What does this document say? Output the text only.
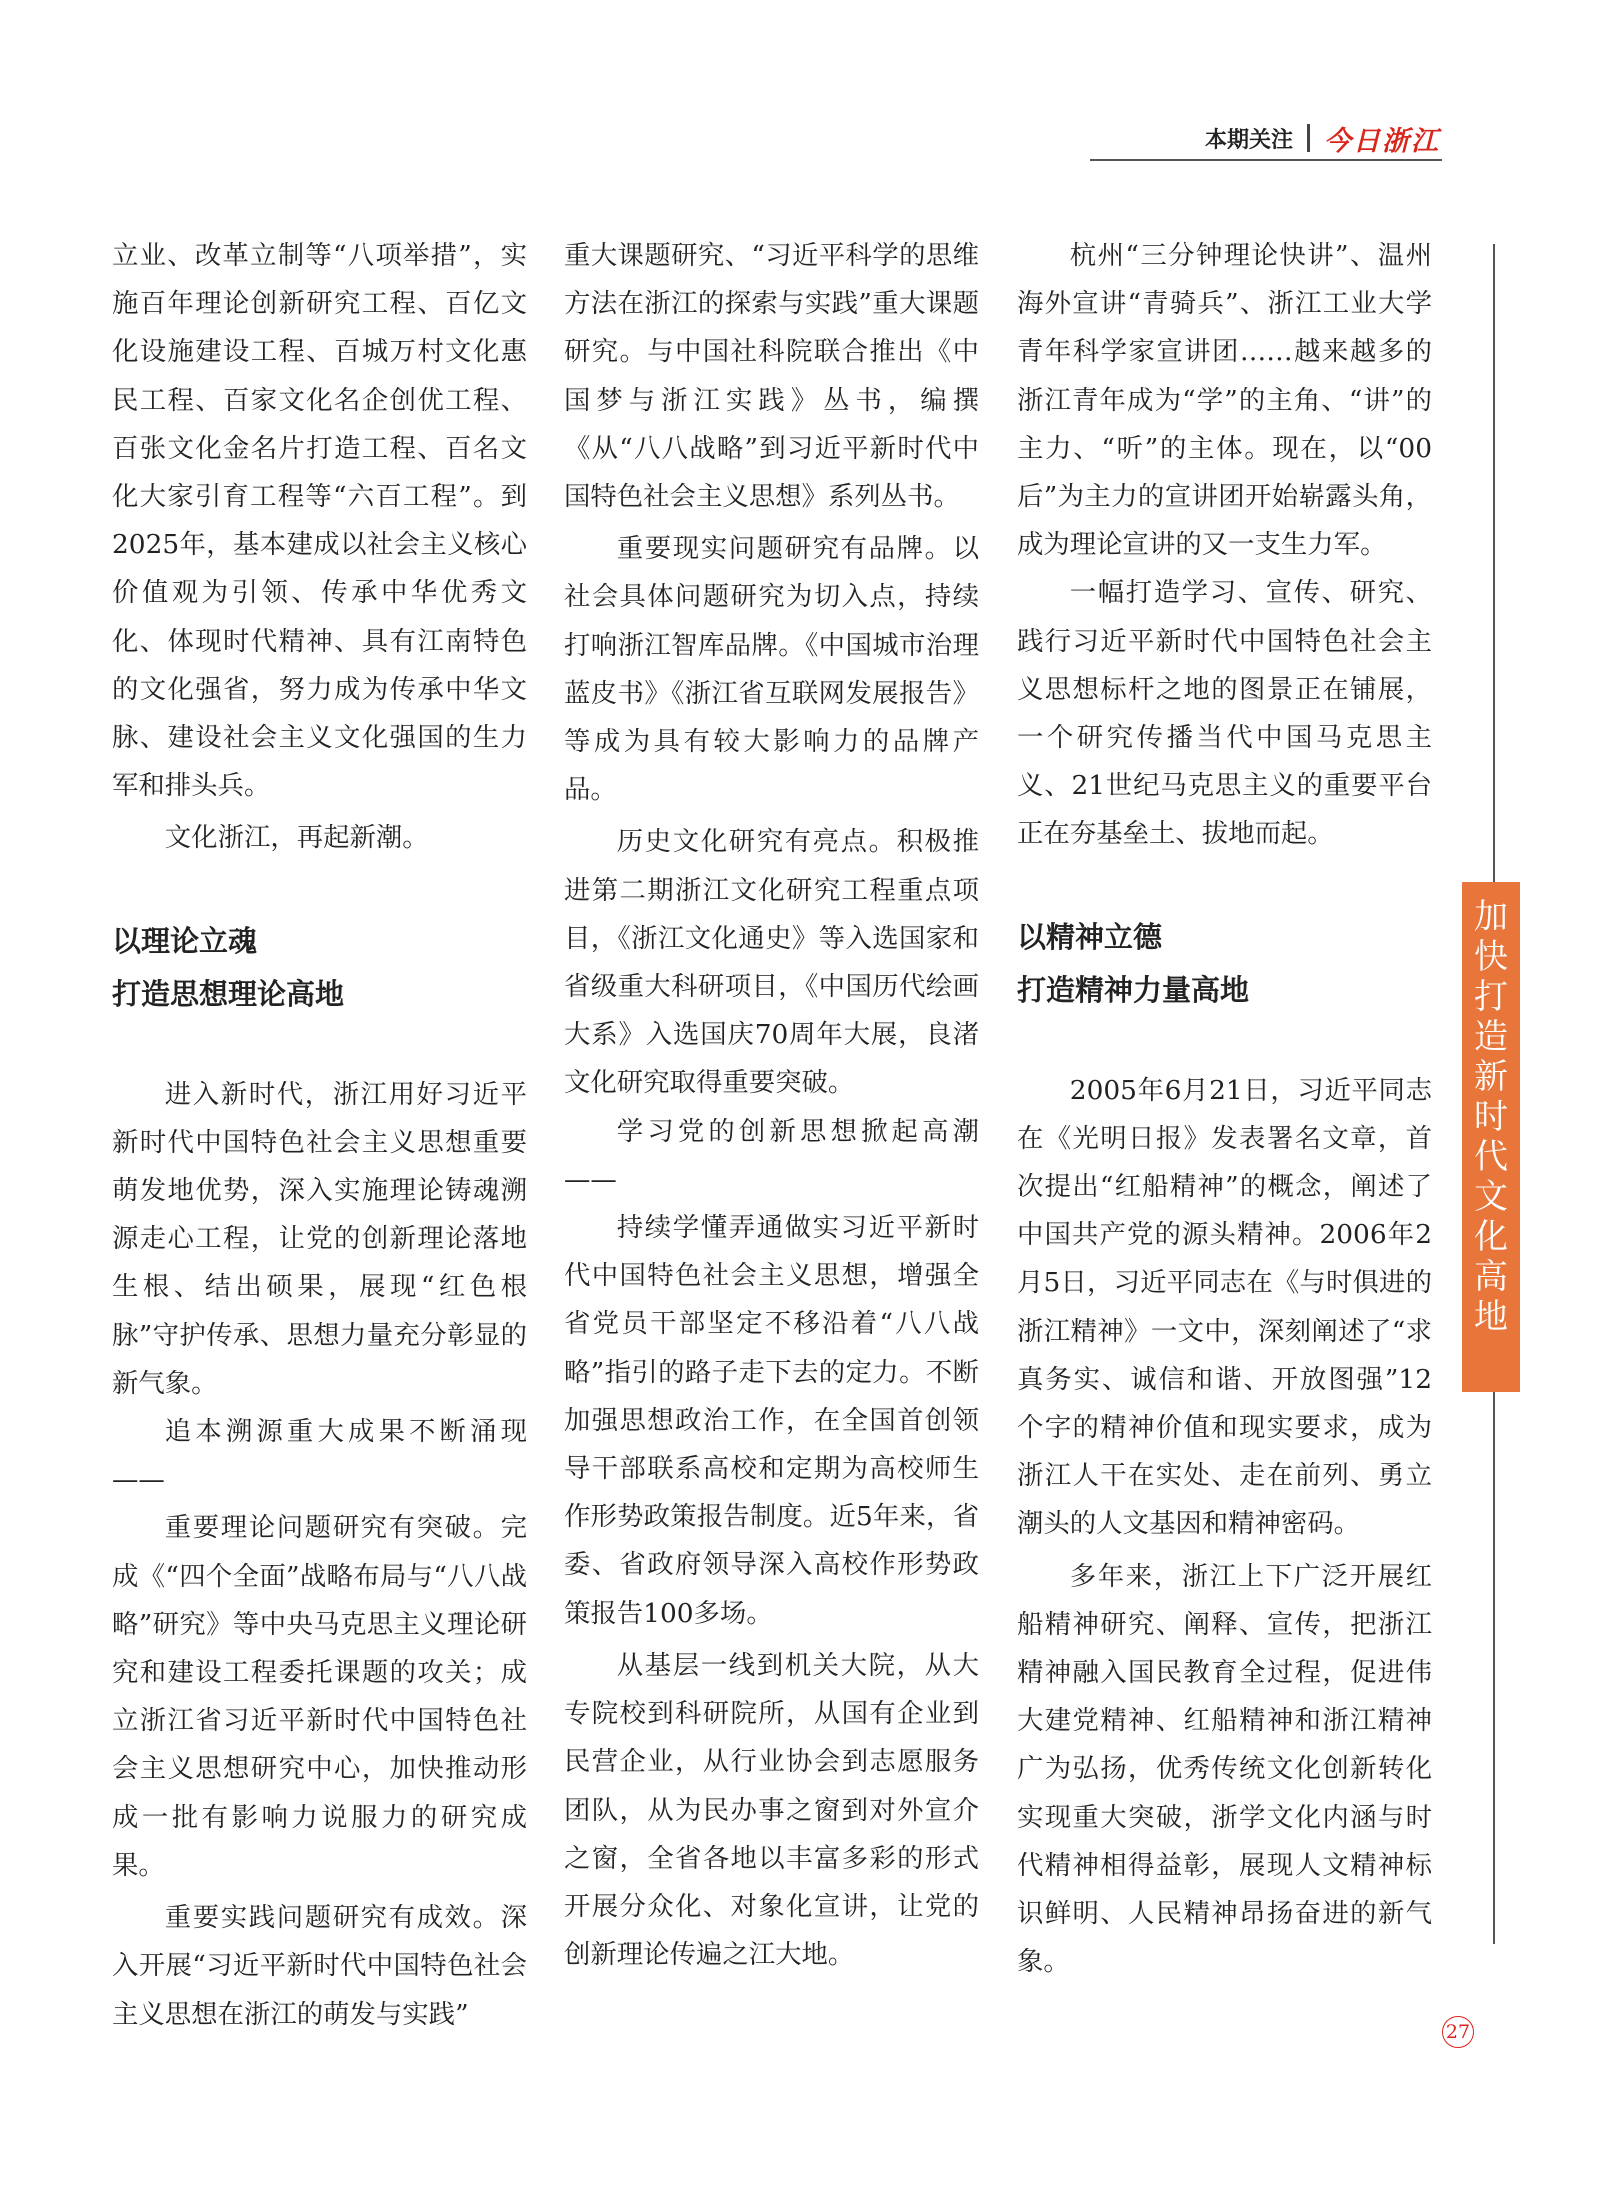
本期关注 今日浙江

立业、改革立制等“八项举措”，实施百年理论创新研究工程、百亿文化设施建设工程、百城万村文化惠民工程、百家文化名企创优工程、百张文化金名片打造工程、百名文化大家引育工程等“六百工程”。到2025年，基本建成以社会主义核心价值观为引领、传承中华优秀文化、体现时代精神、具有江南特色的文化强省，努力成为传承中华文脉、建设社会主义文化强国的生力军和排头兵。

文化浙江，再起新潮。

以理论立魂
打造思想理论高地

进入新时代，浙江用好习近平新时代中国特色社会主义思想重要萌发地优势，深入实施理论铸魂溯源走心工程，让党的创新理论落地生根、结出硕果，展现“红色根脉”守护传承、思想力量充分彰显的新气象。

追本溯源重大成果不断涌现——

重要理论问题研究有突破。完成《“四个全面”战略布局与“八八战略”研究》等中央马克思主义理论研究和建设工程委托课题的攻关；成立浙江省习近平新时代中国特色社会主义思想研究中心，加快推动形成一批有影响力说服力的研究成果。

重要实践问题研究有成效。深入开展“习近平新时代中国特色社会主义思想在浙江的萌发与实践”

重大课题研究、“习近平科学的思维方法在浙江的探索与实践”重大课题研究。与中国社科院联合推出《中国梦与浙江实践》丛书，编撰《从“八八战略”到习近平新时代中国特色社会主义思想》系列丛书。

重要现实问题研究有品牌。以社会具体问题研究为切入点，持续打响浙江智库品牌。《中国城市治理蓝皮书》《浙江省互联网发展报告》等成为具有较大影响力的品牌产品。

历史文化研究有亮点。积极推进第二期浙江文化研究工程重点项目，《浙江文化通史》等入选国家和省级重大科研项目，《中国历代绘画大系》入选国庆70周年大展，良渚文化研究取得重要突破。

学习党的创新思想掀起高潮——

持续学懂弄通做实习近平新时代中国特色社会主义思想，增强全省党员干部坚定不移沿着“八八战略”指引的路子走下去的定力。不断加强思想政治工作，在全国首创领导干部联系高校和定期为高校师生作形势政策报告制度。近5年来，省委、省政府领导深入高校作形势政策报告100多场。

从基层一线到机关大院，从大专院校到科研院所，从国有企业到民营企业，从行业协会到志愿服务团队，从为民办事之窗到对外宣介之窗，全省各地以丰富多彩的形式开展分众化、对象化宣讲，让党的创新理论传遍之江大地。

杭州“三分钟理论快讲”、温州海外宣讲“青骑兵”、浙江工业大学青年科学家宣讲团……越来越多的浙江青年成为“学”的主角、“讲”的主力、“听”的主体。现在，以“00后”为主力的宣讲团开始崭露头角，成为理论宣讲的又一支生力军。

一幅打造学习、宣传、研究、践行习近平新时代中国特色社会主义思想标杆之地的图景正在铺展，一个研究传播当代中国马克思主义、21世纪马克思主义的重要平台正在夯基垒土、拔地而起。

以精神立德
打造精神力量高地

2005年6月21日，习近平同志在《光明日报》发表署名文章，首次提出“红船精神”的概念，阐述了中国共产党的源头精神。2006年2月5日，习近平同志在《与时俱进的浙江精神》一文中，深刻阐述了“求真务实、诚信和谐、开放图强”12个字的精神价值和现实要求，成为浙江人干在实处、走在前列、勇立潮头的人文基因和精神密码。

多年来，浙江上下广泛开展红船精神研究、阐释、宣传，把浙江精神融入国民教育全过程，促进伟大建党精神、红船精神和浙江精神广为弘扬，优秀传统文化创新转化实现重大突破，浙学文化内涵与时代精神相得益彰，展现人文精神标识鲜明、人民精神昂扬奋进的新气象。

加快打造新时代文化高地
27
